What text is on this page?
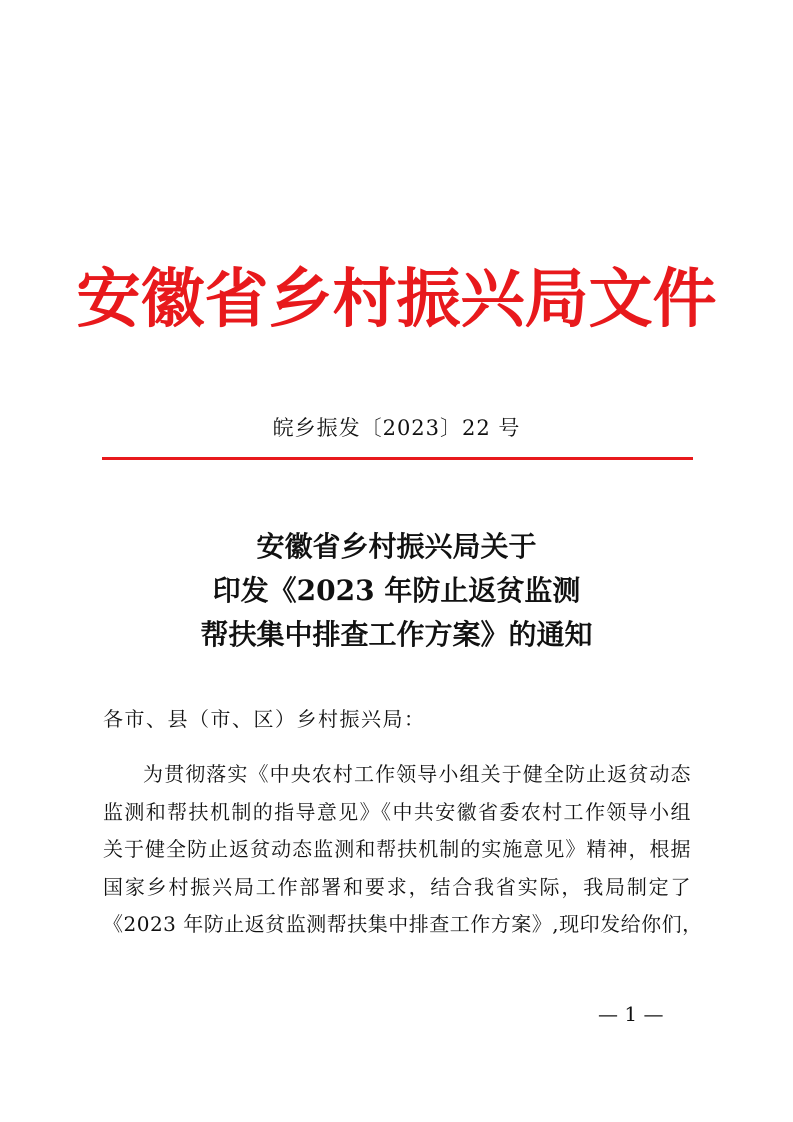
安徽省乡村振兴局文件
皖乡振发〔2023〕22 号
安徽省乡村振兴局关于
印发《2023 年防止返贫监测
帮扶集中排查工作方案》的通知
各市、县（市、区）乡村振兴局：
为贯彻落实《中央农村工作领导小组关于健全防止返贫动态
监测和帮扶机制的指导意见》《中共安徽省委农村工作领导小组
关于健全防止返贫动态监测和帮扶机制的实施意见》精神，根据
国家乡村振兴局工作部署和要求，结合我省实际，我局制定了
《2023 年防止返贫监测帮扶集中排查工作方案》,现印发给你们，
— 1 —
